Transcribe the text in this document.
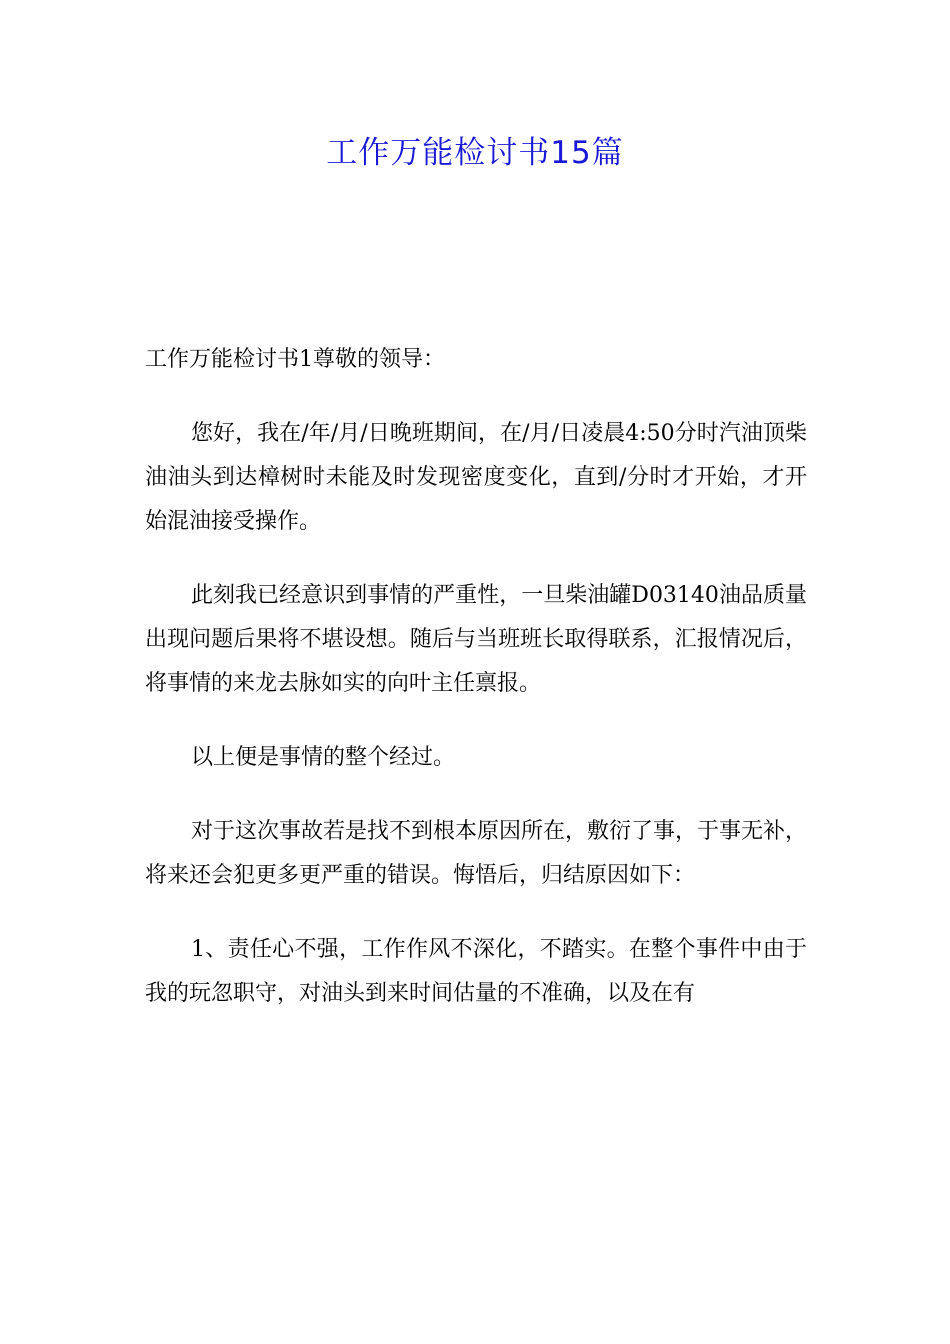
工作万能检讨书15篇

工作万能检讨书1尊敬的领导：

您好，我在/年/月/日晚班期间，在/月/日凌晨4:50分时汽油顶柴油油头到达樟树时未能及时发现密度变化，直到/分时才开始，才开始混油接受操作。

此刻我已经意识到事情的严重性，一旦柴油罐D03140油品质量出现问题后果将不堪设想。随后与当班班长取得联系，汇报情况后，将事情的来龙去脉如实的向叶主任禀报。

以上便是事情的整个经过。

对于这次事故若是找不到根本原因所在，敷衍了事，于事无补，将来还会犯更多更严重的错误。悔悟后，归结原因如下：

1、责任心不强，工作作风不深化，不踏实。在整个事件中由于我的玩忽职守，对油头到来时间估量的不准确，以及在有
